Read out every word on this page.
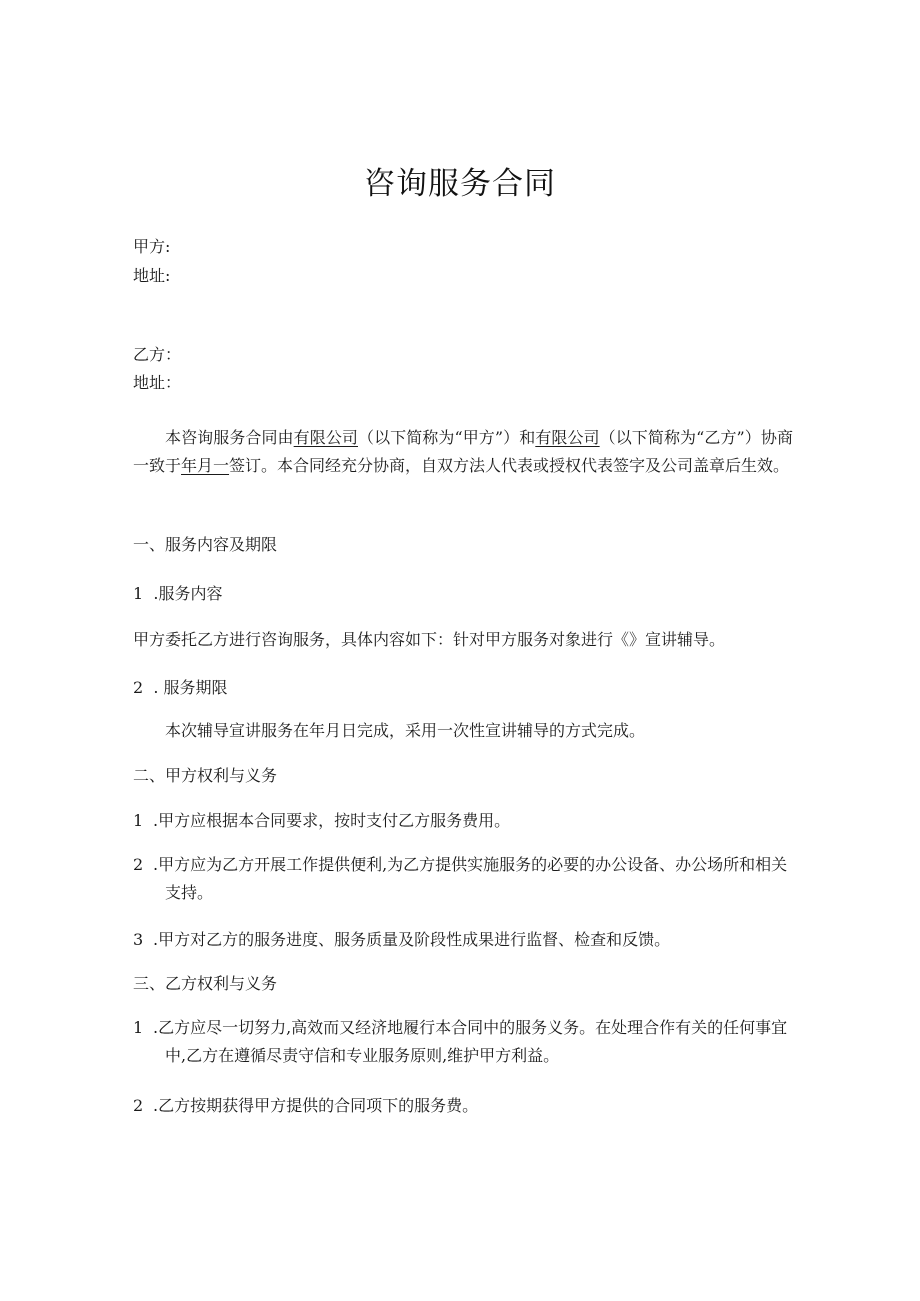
咨询服务合同
甲方:
地址:
乙方：
地址：
本咨询服务合同由有限公司（以下简称为“甲方”）和有限公司（以下简称为“乙方”）协商一致于年月一签订。本合同经充分协商，自双方法人代表或授权代表签字及公司盖章后生效。
一、服务内容及期限
1 .服务内容
甲方委托乙方进行咨询服务，具体内容如下：针对甲方服务对象进行《》宣讲辅导。
2 . 服务期限
本次辅导宣讲服务在年月日完成，采用一次性宣讲辅导的方式完成。
二、甲方权利与义务
1 .甲方应根据本合同要求，按时支付乙方服务费用。
2 .甲方应为乙方开展工作提供便利,为乙方提供实施服务的必要的办公设备、办公场所和相关支持。
3 .甲方对乙方的服务进度、服务质量及阶段性成果进行监督、检查和反馈。
三、乙方权利与义务
1 .乙方应尽一切努力,高效而又经济地履行本合同中的服务义务。在处理合作有关的任何事宜中,乙方在遵循尽责守信和专业服务原则,维护甲方利益。
2 .乙方按期获得甲方提供的合同项下的服务费。
